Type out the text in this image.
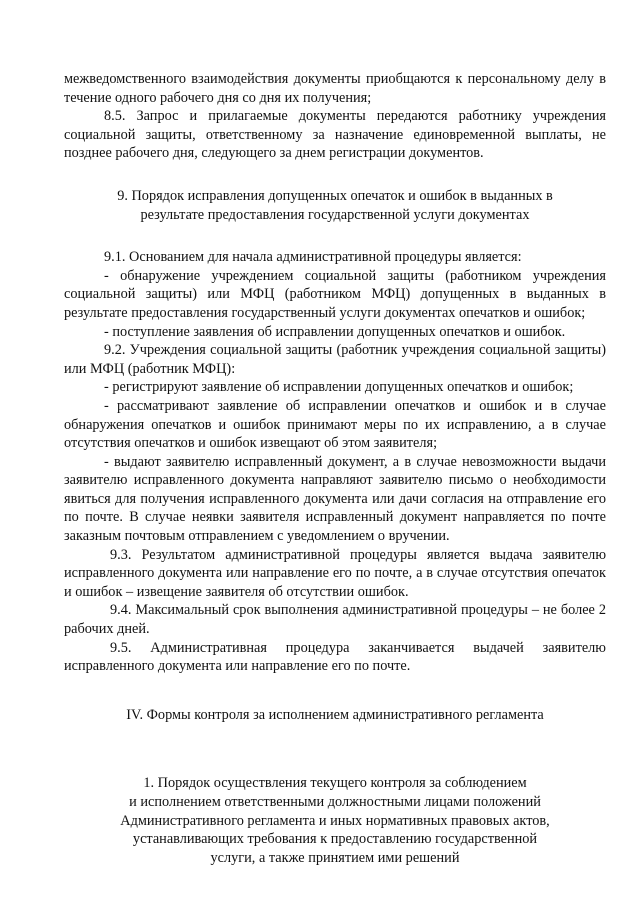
межведомственного взаимодействия документы приобщаются к персональному делу в течение одного рабочего дня со дня их получения;

8.5. Запрос и прилагаемые документы передаются работнику учреждения социальной защиты, ответственному за назначение единовременной выплаты, не позднее рабочего дня, следующего за днем регистрации документов.

9. Порядок исправления допущенных опечаток и ошибок в выданных в

результате предоставления государственной услуги документах

9.1. Основанием для начала административной процедуры является:

- обнаружение учреждением социальной защиты (работником учреждения социальной защиты) или МФЦ (работником МФЦ) допущенных в выданных в результате предоставления государственный услуги документах опечатков и ошибок;

- поступление заявления об исправлении допущенных опечатков и ошибок.

9.2. Учреждения социальной защиты (работник учреждения социальной защиты) или МФЦ (работник МФЦ):

- регистрируют заявление об исправлении допущенных опечатков и ошибок;

- рассматривают заявление об исправлении опечатков и ошибок и в случае обнаружения опечатков и ошибок принимают меры по их исправлению, а в случае отсутствия опечатков и ошибок извещают об этом заявителя;

- выдают заявителю исправленный документ, а в случае невозможности выдачи заявителю исправленного документа направляют заявителю письмо о необходимости явиться для получения исправленного документа или дачи согласия на отправление его по почте. В случае неявки заявителя исправленный документ направляется по почте заказным почтовым отправлением с уведомлением о вручении.

9.3. Результатом административной процедуры является выдача заявителю исправленного документа или направление его по почте, а в случае отсутствия опечаток и ошибок – извещение заявителя об отсутствии ошибок.

9.4. Максимальный срок выполнения административной процедуры – не более 2 рабочих дней.

9.5. Административная процедура заканчивается выдачей заявителю исправленного документа или направление его по почте.

IV. Формы контроля за исполнением административного регламента

1. Порядок осуществления текущего контроля за соблюдением

и исполнением ответственными должностными лицами положений

Административного регламента и иных нормативных правовых актов,

устанавливающих требования к предоставлению государственной

услуги, а также принятием ими решений
